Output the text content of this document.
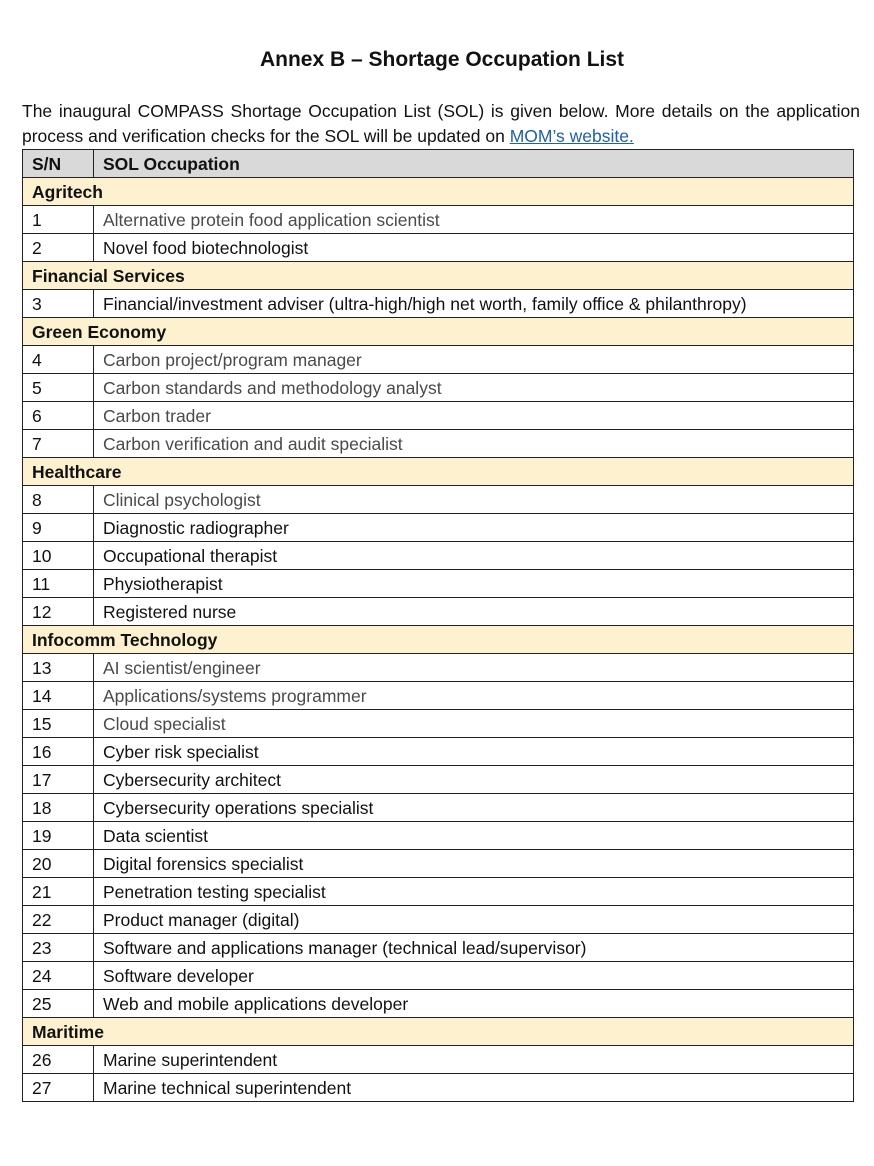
Annex B – Shortage Occupation List

The inaugural COMPASS Shortage Occupation List (SOL) is given below. More details on the application process and verification checks for the SOL will be updated on MOM’s website.

S/N	SOL Occupation
Agritech	
1	Alternative protein food application scientist
2	Novel food biotechnologist
Financial Services	
3	Financial/investment adviser (ultra-high/high net worth, family office & philanthropy)
Green Economy	
4	Carbon project/program manager
5	Carbon standards and methodology analyst
6	Carbon trader
7	Carbon verification and audit specialist
Healthcare	
8	Clinical psychologist
9	Diagnostic radiographer
10	Occupational therapist
11	Physiotherapist
12	Registered nurse
Infocomm Technology	
13	AI scientist/engineer
14	Applications/systems programmer
15	Cloud specialist
16	Cyber risk specialist
17	Cybersecurity architect
18	Cybersecurity operations specialist
19	Data scientist
20	Digital forensics specialist
21	Penetration testing specialist
22	Product manager (digital)
23	Software and applications manager (technical lead/supervisor)
24	Software developer
25	Web and mobile applications developer
Maritime	
26	Marine superintendent
27	Marine technical superintendent
